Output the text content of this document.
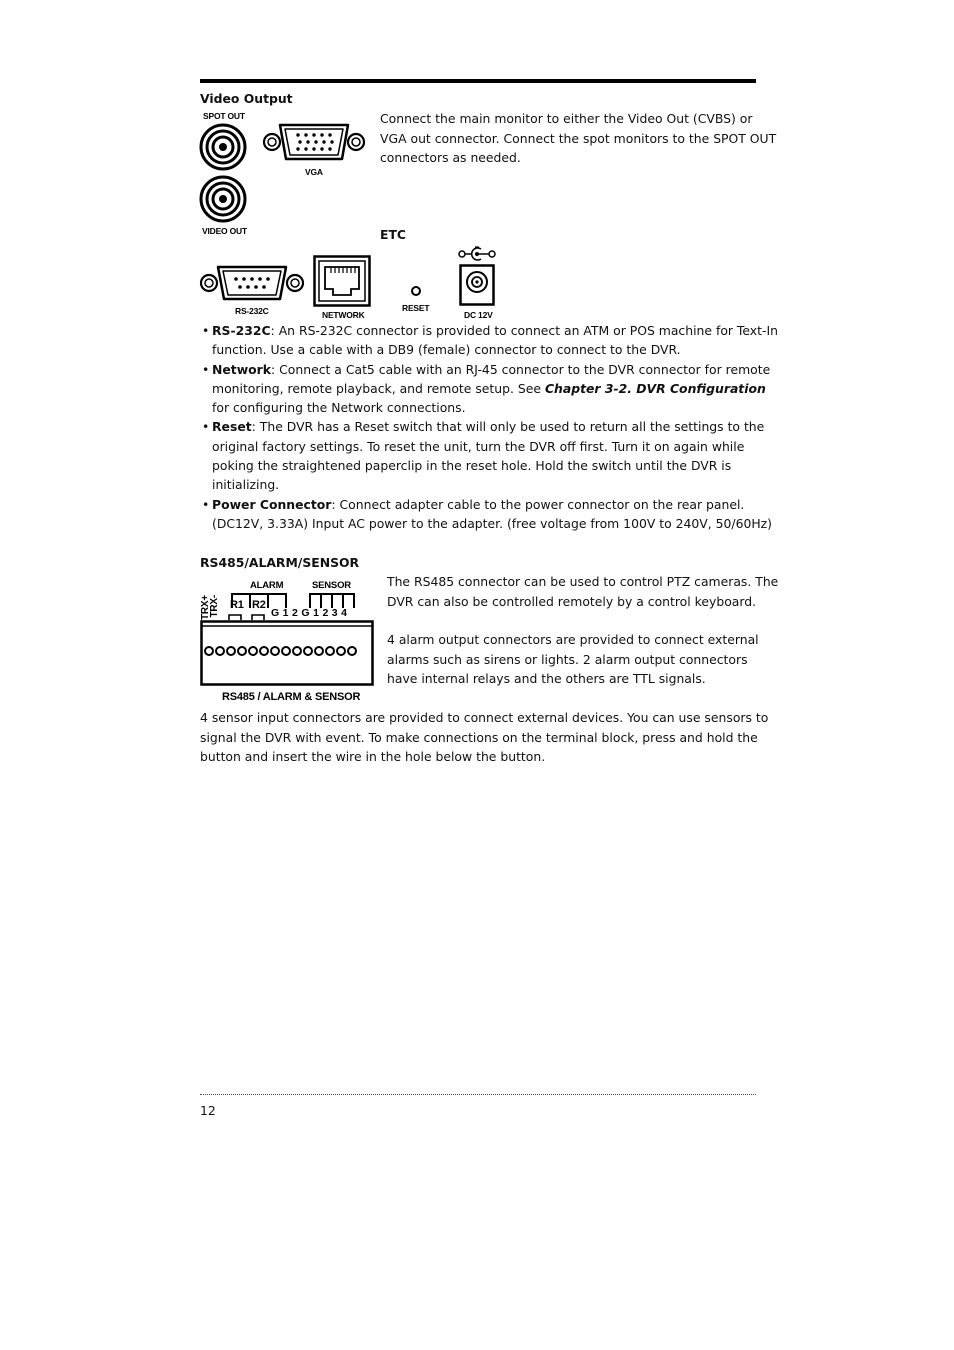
Video Output
SPOT OUT
VIDEO OUT
VGA
Connect the main monitor to either the Video Out (CVBS) or VGA out connector. Connect the spot monitors to the SPOT OUT connectors as needed.
ETC
RS-232C	NETWORK
RESET
DC 12V
• RS-232C: An RS-232C connector is provided to connect an ATM or POS machine for Text-In function. Use a cable with a DB9 (female) connector to connect to the DVR.
• Network: Connect a Cat5 cable with an RJ-45 connector to the DVR connector for remote monitoring, remote playback, and remote setup. See Chapter 3-2. DVR Configuration for configuring the Network connections.
• Reset: The DVR has a Reset switch that will only be used to return all the settings to the original factory settings. To reset the unit, turn the DVR off first. Turn it on again while poking the straightened paperclip in the reset hole. Hold the switch until the DVR is initializing.
• Power Connector: Connect adapter cable to the power connector on the rear panel. (DC12V, 3.33A) Input AC power to the adapter. (free voltage from 100V to 240V, 50/60Hz)
RS485/ALARM/SENSOR
ALARM	SENSOR
TRX+
TRX- R1 R2
G 1 2 G 1 2 3 4
RS485 / ALARM & SENSOR
The RS485 connector can be used to control PTZ cameras. The DVR can also be controlled remotely by a control keyboard.
4 alarm output connectors are provided to connect external alarms such as sirens or lights. 2 alarm output connectors have internal relays and the others are TTL signals.
4 sensor input connectors are provided to connect external devices. You can use sensors to signal the DVR with event. To make connections on the terminal block, press and hold the button and insert the wire in the hole below the button.
12
